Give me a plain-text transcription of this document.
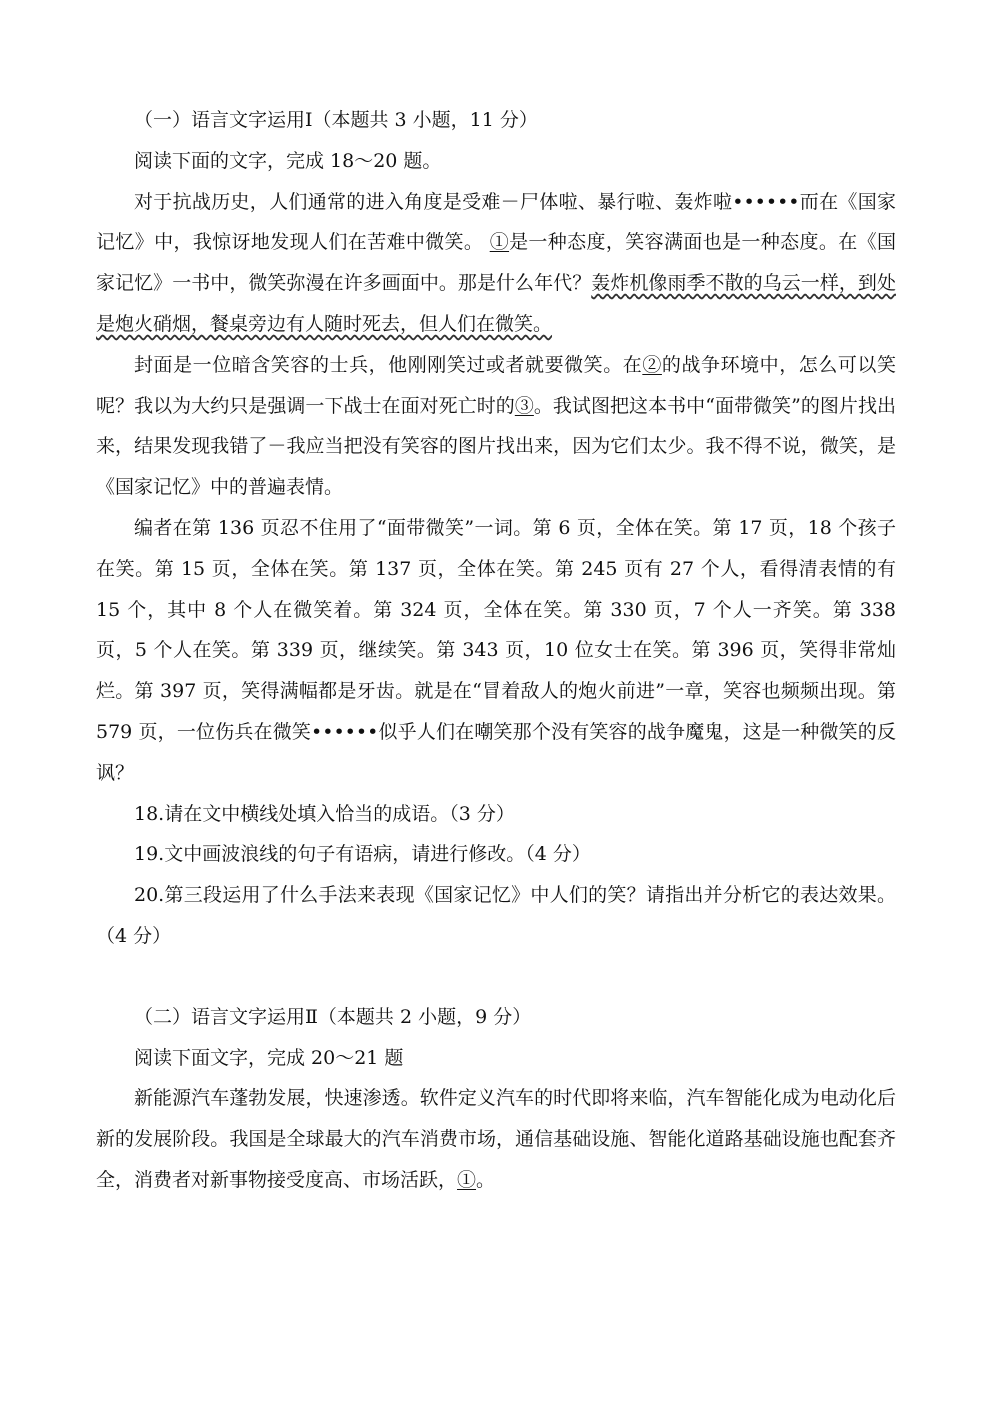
（一）语言文字运用Ⅰ（本题共 3 小题，11 分）
阅读下面的文字，完成 18～20 题。

对于抗战历史，人们通常的进入角度是受难－尸体啦、暴行啦、轰炸啦••••••而在《国家记忆》中，我惊讶地发现人们在苦难中微笑。 ①是一种态度，笑容满面也是一种态度。在《国家记忆》一书中，微笑弥漫在许多画面中。那是什么年代？轰炸机像雨季不散的乌云一样，到处是炮火硝烟，餐桌旁边有人随时死去，但人们在微笑。

封面是一位暗含笑容的士兵，他刚刚笑过或者就要微笑。在②的战争环境中，怎么可以笑呢？我以为大约只是强调一下战士在面对死亡时的③。我试图把这本书中“面带微笑”的图片找出来，结果发现我错了－我应当把没有笑容的图片找出来，因为它们太少。我不得不说，微笑，是《国家记忆》中的普遍表情。

编者在第 136 页忍不住用了“面带微笑”一词。第 6 页，全体在笑。第 17 页，18 个孩子在笑。第 15 页，全体在笑。第 137 页，全体在笑。第 245 页有 27 个人，看得清表情的有 15 个，其中 8 个人在微笑着。第 324 页，全体在笑。第 330 页，7 个人一齐笑。第 338 页，5 个人在笑。第 339 页，继续笑。第 343 页，10 位女士在笑。第 396 页，笑得非常灿烂。第 397 页，笑得满幅都是牙齿。就是在“冒着敌人的炮火前进”一章，笑容也频频出现。第 579 页，一位伤兵在微笑••••••似乎人们在嘲笑那个没有笑容的战争魔鬼，这是一种微笑的反讽？

18.请在文中横线处填入恰当的成语。（3 分）

19.文中画波浪线的句子有语病，请进行修改。（4 分）

20.第三段运用了什么手法来表现《国家记忆》中人们的笑？请指出并分析它的表达效果。（4 分）

（二）语言文字运用Ⅱ（本题共 2 小题，9 分）
阅读下面文字，完成 20～21 题

新能源汽车蓬勃发展，快速渗透。软件定义汽车的时代即将来临，汽车智能化成为电动化后新的发展阶段。我国是全球最大的汽车消费市场，通信基础设施、智能化道路基础设施也配套齐全，消费者对新事物接受度高、市场活跃，①。
